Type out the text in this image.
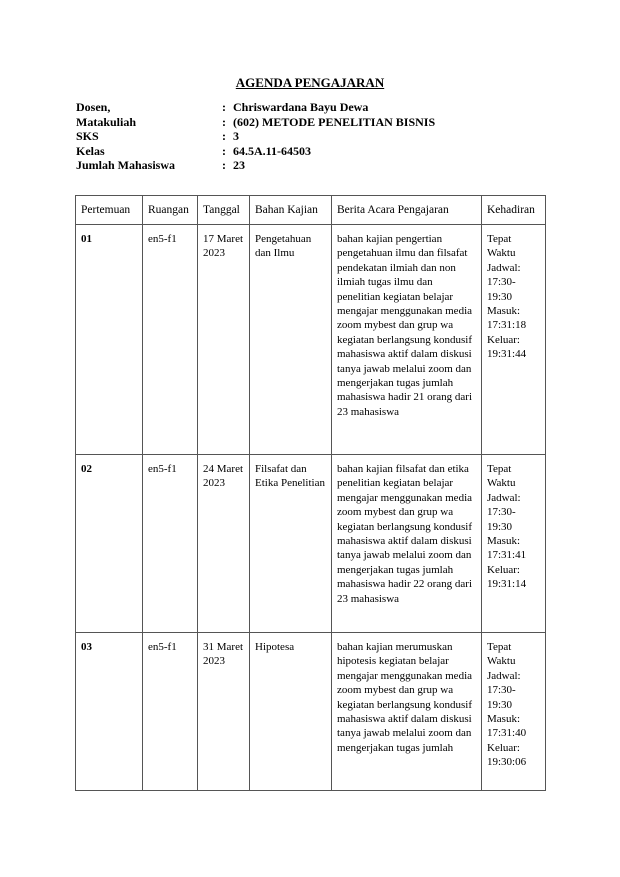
AGENDA PENGAJARAN
Dosen,	: Chriswardana Bayu Dewa
Matakuliah	: (602) METODE PENELITIAN BISNIS
SKS	: 3
Kelas	: 64.5A.11-64503
Jumlah Mahasiswa	: 23
Pertemuan	Ruangan	Tanggal	Bahan Kajian	Berita Acara Pengajaran	Kehadiran
01	en5-f1	17 Maret 2023	Pengetahuan dan Ilmu	bahan kajian pengertian pengetahuan ilmu dan filsafat pendekatan ilmiah dan non ilmiah tugas ilmu dan penelitian kegiatan belajar mengajar menggunakan media zoom mybest dan grup wa kegiatan berlangsung kondusif mahasiswa aktif dalam diskusi tanya jawab melalui zoom dan mengerjakan tugas jumlah mahasiswa hadir 21 orang dari 23 mahasiswa	Tepat Waktu Jadwal: 17:30-19:30 Masuk: 17:31:18 Keluar: 19:31:44
02	en5-f1	24 Maret 2023	Filsafat dan Etika Penelitian	bahan kajian filsafat dan etika penelitian kegiatan belajar mengajar menggunakan media zoom mybest dan grup wa kegiatan berlangsung kondusif mahasiswa aktif dalam diskusi tanya jawab melalui zoom dan mengerjakan tugas jumlah mahasiswa hadir 22 orang dari 23 mahasiswa	Tepat Waktu Jadwal: 17:30-19:30 Masuk: 17:31:41 Keluar: 19:31:14

03	en5-f1	31 Maret 2023	Hipotesa	bahan kajian merumuskan hipotesis kegiatan belajar mengajar menggunakan media zoom mybest dan grup wa kegiatan berlangsung kondusif mahasiswa aktif dalam diskusi tanya jawab melalui zoom dan mengerjakan tugas jumlah	Tepat Waktu Jadwal: 17:30-19:30 Masuk: 17:31:40 Keluar: 19:30:06
